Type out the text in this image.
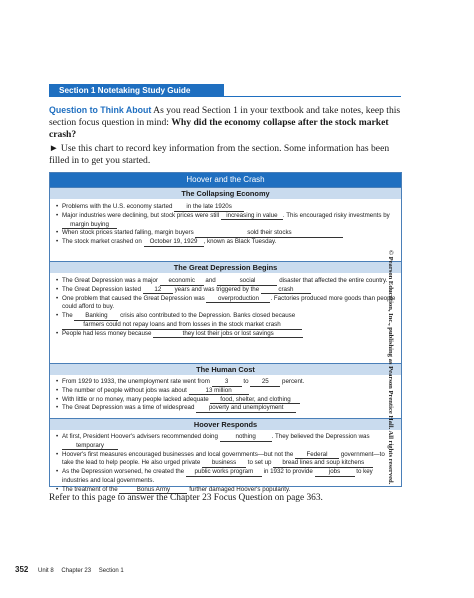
Section 1 Notetaking Study Guide
Question to Think About As you read Section 1 in your textbook and take notes, keep this section focus question in mind: Why did the economy collapse after the stock market crash?
► Use this chart to record key information from the section. Some information has been filled in to get you started.
Hoover and the Crash
The Collapsing Economy
• Problems with the U.S. economy started in the late 1920s
• Major industries were declining, but stock prices were still increasing in value . This encouraged risky investments by margin buying
• When stock prices started falling, margin buyers	sold their stocks
• The stock market crashed on October 19, 1929 , known as Black Tuesday.
The Great Depression Begins
• The Great Depression was a major economic and	social	disaster that affected the entire country.
• The Great Depression lasted 12 years and was triggered by the	crash
• One problem that caused the Great Depression was overproduction . Factories produced more goods than people could afford to buy.
• The Banking crisis also contributed to the Depression. Banks closed because farmers could not repay loans and from losses in the stock market crash
• People had less money because	they lost their jobs or lost savings
The Human Cost
• From 1929 to 1933, the unemployment rate went from 3 to 25 percent.
• The number of people without jobs was about	13 million
• With little or no money, many people lacked adequate food, shelter, and clothing
• The Great Depression was a time of widespread poverty and unemployment
Hoover Responds
• At first, President Hoover's advisers recommended doing	nothing	. They believed the Depression was temporary
• Hoover's first measures encouraged businesses and local governments—but not the Federal government—to take the lead to help people. He also urged private business to set up bread lines and soup kitchens
• As the Depression worsened, he created the public works program in 1932 to provide	jobs	to key industries and local governments.
• The treatment of the	Bonus Army	further damaged Hoover's popularity.
Refer to this page to answer the Chapter 23 Focus Question on page 363.
352 Unit 8 Chapter 23 Section 1
© Pearson Education, Inc., publishing as Pearson Prentice Hall. All rights reserved.
